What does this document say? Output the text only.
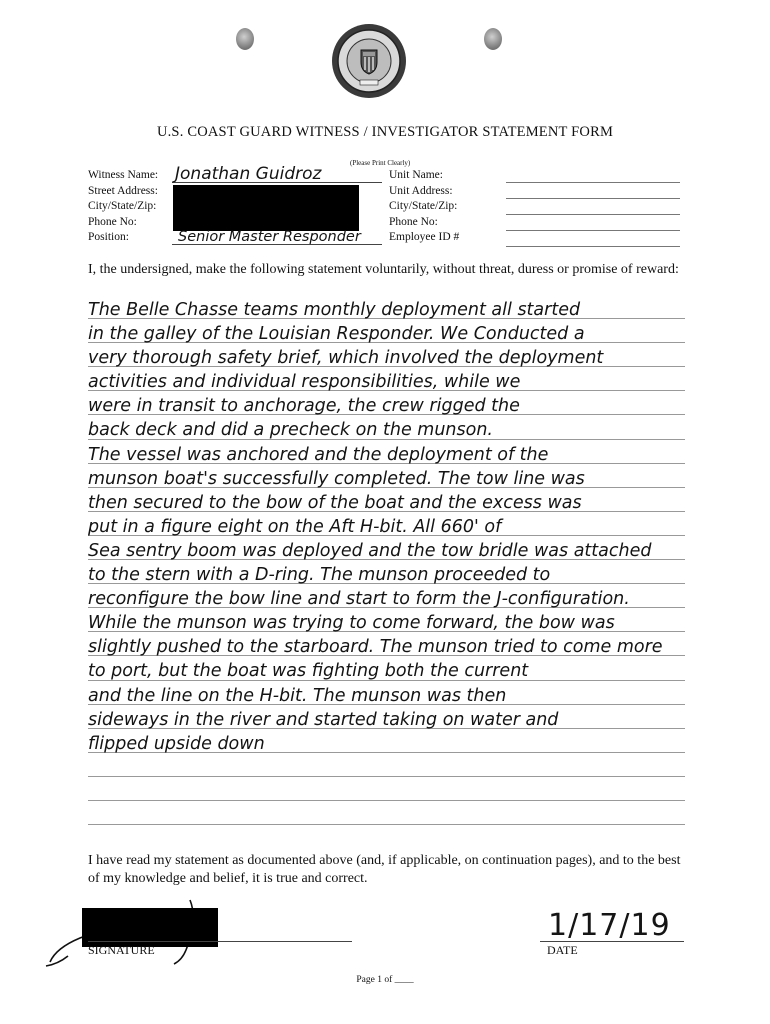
U.S. COAST GUARD WITNESS / INVESTIGATOR STATEMENT FORM
(Please Print Clearly)
Witness Name:
Street Address:
City/State/Zip:
Phone No:
Position:
Jonathan Guidroz
Senior Master Responder
Unit Name:
Unit Address:
City/State/Zip:
Phone No:
Employee ID #
I, the undersigned, make the following statement voluntarily, without threat, duress or promise of reward:
The Belle Chasse teams monthly deployment all started
in the galley of the Louisian Responder. We Conducted a
very thorough safety brief, which involved the deployment
activities and individual responsibilities, while we
were in transit to anchorage, the crew rigged the
back deck and did a precheck on the munson.
The vessel was anchored and the deployment of the
munson boat's successfully completed. The tow line was
then secured to the bow of the boat and the excess was
put in a figure eight on the Aft H-bit. All 660' of
Sea sentry boom was deployed and the tow bridle was attached
to the stern with a D-ring. The munson proceeded to
reconfigure the bow line and start to form the J-configuration.
While the munson was trying to come forward, the bow was
slightly pushed to the starboard. The munson tried to come more
to port, but the boat was fighting both the current
and the line on the H-bit. The munson was then
sideways in the river and started taking on water and
flipped upside down
I have read my statement as documented above (and, if applicable, on continuation pages), and to the best of my knowledge and belief, it is true and correct.
SIGNATURE
1/17/19
DATE
Page 1 of ____
